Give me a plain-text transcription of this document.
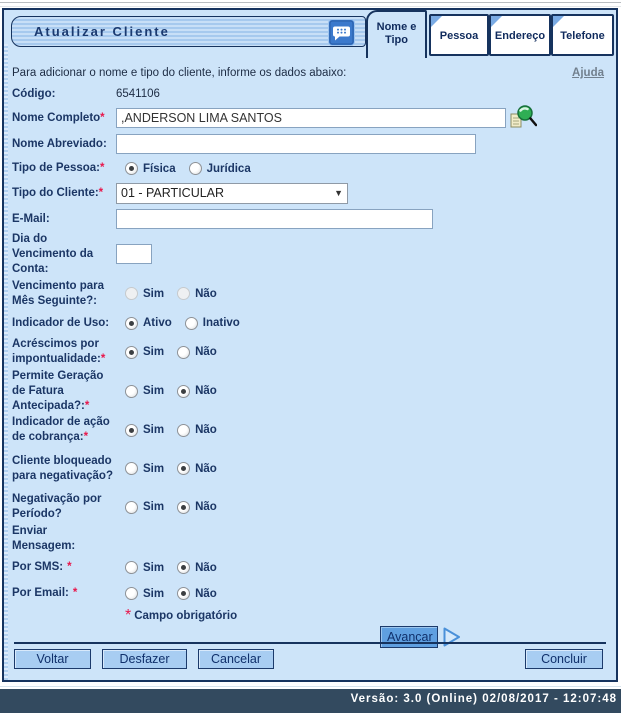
Atualizar Cliente	Nome e Tipo	Pessoa	Endereço	Telefone
Para adicionar o nome e tipo do cliente, informe os dados abaixo:	Ajuda
Código:	6541106
Nome Completo*
,ANDERSON LIMA SANTOS
Nome Abreviado:
Tipo de Pessoa:*	Física	Jurídica
Tipo do Cliente:*	01 - PARTICULAR	▼
E-Mail:
Dia do Vencimento da Conta:
Vencimento para Mês Seguinte?:
Sim	Não
Indicador de Uso:	Ativo	Inativo
Acréscimos por impontualidade:*
Sim	Não
Permite Geração de Fatura Antecipada?:*
Sim	Não
Indicador de ação de cobrança:*
Sim	Não
Cliente bloqueado para negativação?
Sim	Não
Negativação por Período?
Sim	Não
Enviar Mensagem:
Por SMS: *	Sim	Não
Por Email: *	Sim	Não
* Campo obrigatório
Avançar
Voltar	Desfazer	Cancelar	Concluir
Versão: 3.0 (Online) 02/08/2017 - 12:07:48
